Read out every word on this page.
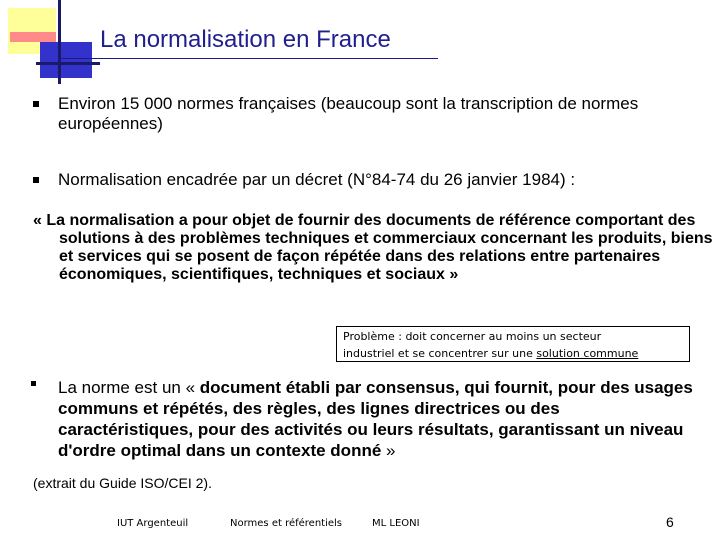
La normalisation en France
Environ 15 000 normes françaises (beaucoup sont la transcription de normes européennes)
Normalisation encadrée par un décret (N°84-74 du 26 janvier 1984) :
« La normalisation a pour objet de fournir des documents de référence comportant des solutions à des problèmes techniques et commerciaux concernant les produits, biens et services qui se posent de façon répétée dans des relations entre partenaires économiques, scientifiques, techniques et sociaux »
Problème : doit concerner au moins un secteur
industriel et se concentrer sur une solution commune
La norme est un « document établi par consensus, qui fournit, pour des usages communs et répétés, des règles, des lignes directrices ou des caractéristiques, pour des activités ou leurs résultats, garantissant un niveau d'ordre optimal dans un contexte donné »
(extrait du Guide ISO/CEI 2).
IUT Argenteuil	Normes et référentiels	ML LEONI	6
